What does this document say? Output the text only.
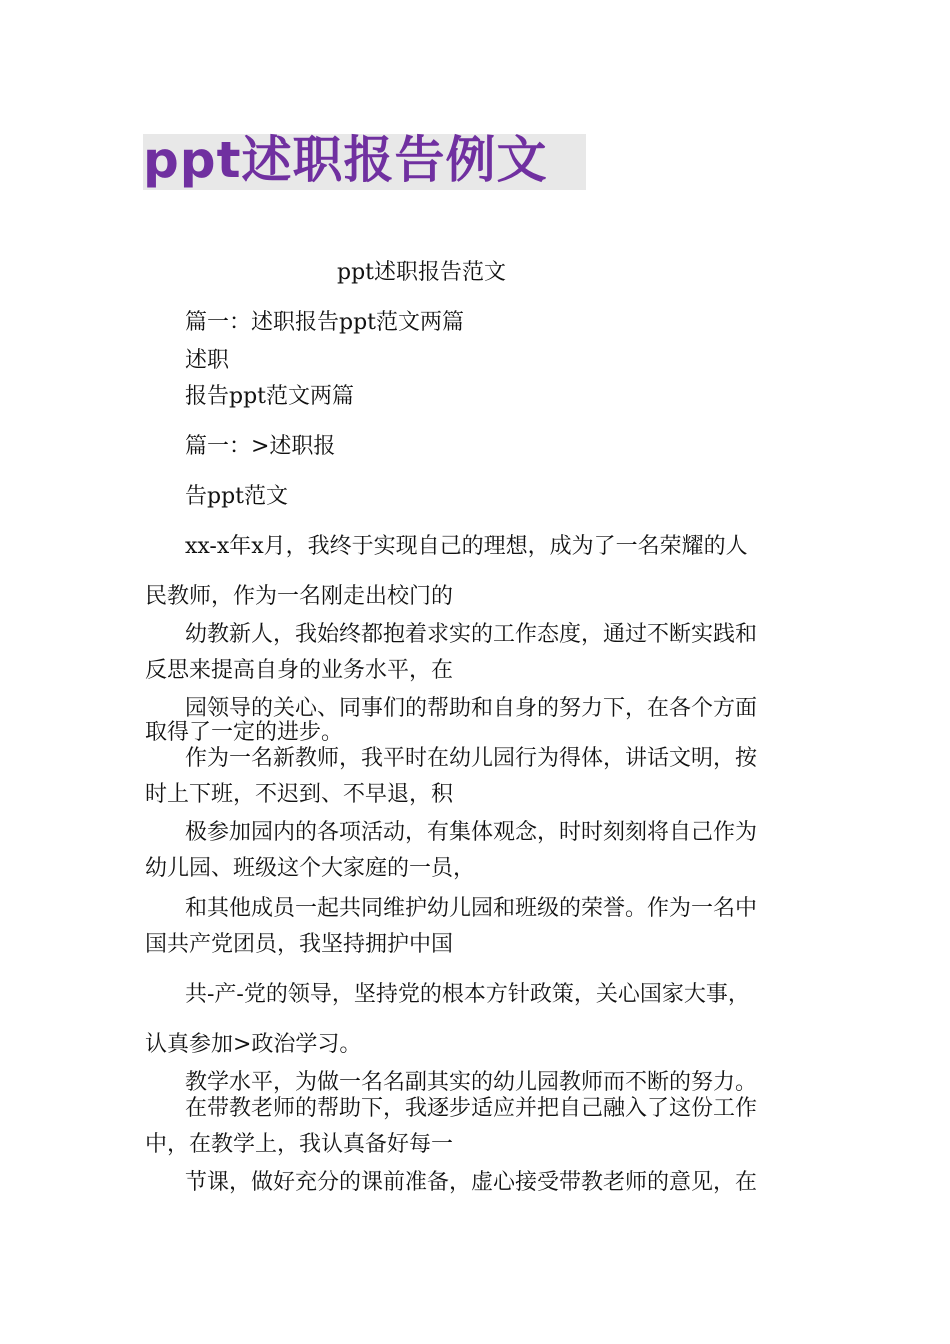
ppt述职报告例文
ppt述职报告范文
篇一：述职报告ppt范文两篇
述职
报告ppt范文两篇
篇一：>述职报
告ppt范文
xx-x年x月，我终于实现自己的理想，成为了一名荣耀的人
民教师，作为一名刚走出校门的
幼教新人，我始终都抱着求实的工作态度，通过不断实践和
反思来提高自身的业务水平，在
园领导的关心、同事们的帮助和自身的努力下，在各个方面
取得了一定的进步。
作为一名新教师，我平时在幼儿园行为得体，讲话文明，按
时上下班，不迟到、不早退，积
极参加园内的各项活动，有集体观念，时时刻刻将自己作为
幼儿园、班级这个大家庭的一员，
和其他成员一起共同维护幼儿园和班级的荣誉。作为一名中
国共产党团员，我坚持拥护中国
共-产-党的领导，坚持党的根本方针政策，关心国家大事，
认真参加>政治学习。
教学水平，为做一名名副其实的幼儿园教师而不断的努力。
在带教老师的帮助下，我逐步适应并把自己融入了这份工作
中，在教学上，我认真备好每一
节课，做好充分的课前准备，虚心接受带教老师的意见，在
